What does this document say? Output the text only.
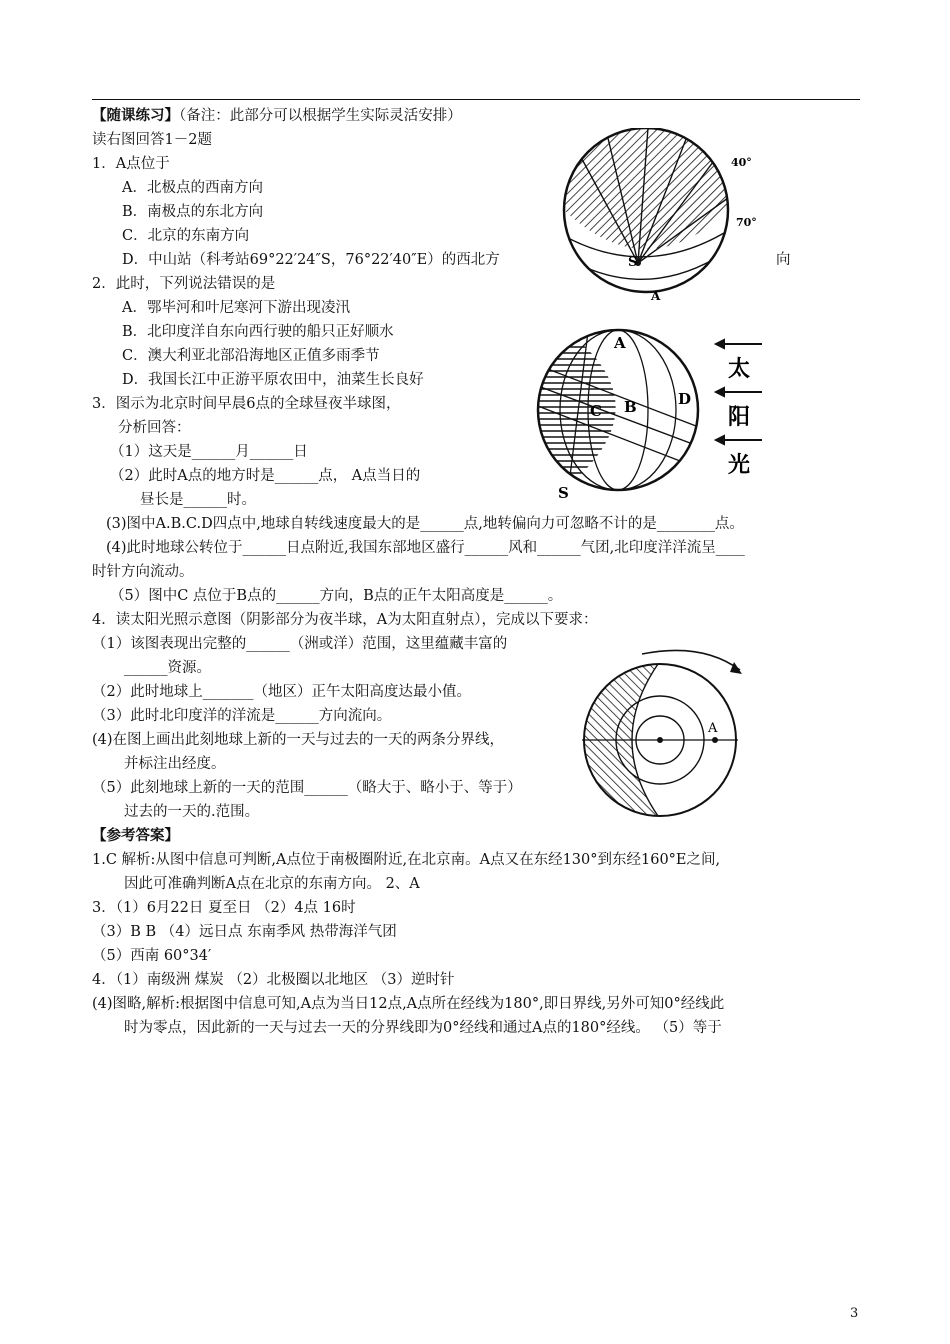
【随课练习】（备注：此部分可以根据学生实际灵活安排）
读右图回答1－2题
1．A点位于
A．北极点的西南方向
B．南极点的东北方向
C．北京的东南方向
D．中山站（科考站69°22′24″S，76°22′40″E）的西北方	向
2．此时，下列说法错误的是
A．鄂毕河和叶尼寒河下游出现凌汛
B．北印度洋自东向西行驶的船只正好顺水
C．澳大利亚北部沿海地区正值多雨季节
D．我国长江中正游平原农田中，油菜生长良好
3．图示为北京时间早晨6点的全球昼夜半球图，
分析回答：
（1）这天是______月______日
（2）此时A点的地方时是______点， A点当日的
昼长是______时。
(3)图中A.B.C.D四点中,地球自转线速度最大的是______点,地转偏向力可忽略不计的是________点。
(4)此时地球公转位于______日点附近,我国东部地区盛行______风和______气团,北印度洋洋流呈____
时针方向流动。
（5）图中C 点位于B点的______方向，B点的正午太阳高度是______。
4．读太阳光照示意图（阴影部分为夜半球，A为太阳直射点），完成以下要求：
（1）该图表现出完整的______（洲或洋）范围，这里蕴藏丰富的
______资源。
（2）此时地球上_______（地区）正午太阳高度达最小值。
（3）此时北印度洋的洋流是______方向流向。
(4)在图上画出此刻地球上新的一天与过去的一天的两条分界线，
并标注出经度。
（5）此刻地球上新的一天的范围______（略大于、略小于、等于）
过去的一天的.范围。
【参考答案】
1.C 解析:从图中信息可判断,A点位于南极圈附近,在北京南。A点又在东经130°到东经160°E之间,
因此可准确判断A点在北京的东南方向。 2、A
3．（1）6月22日 夏至日 （2）4点 16时
（3）B B （4）远日点 东南季风 热带海洋气团
（5）西南 60°34′
4．（1）南级洲 煤炭 （2）北极圈以北地区 （3）逆时针
(4)图略,解析:根据图中信息可知,A点为当日12点,A点所在经线为180°,即日界线,另外可知0°经线此
时为零点，因此新的一天与过去一天的分界线即为0°经线和通过A点的180°经线。 （5）等于
40°
70°
S
A
A
B
C
D
S
太
阳
光
A
3
